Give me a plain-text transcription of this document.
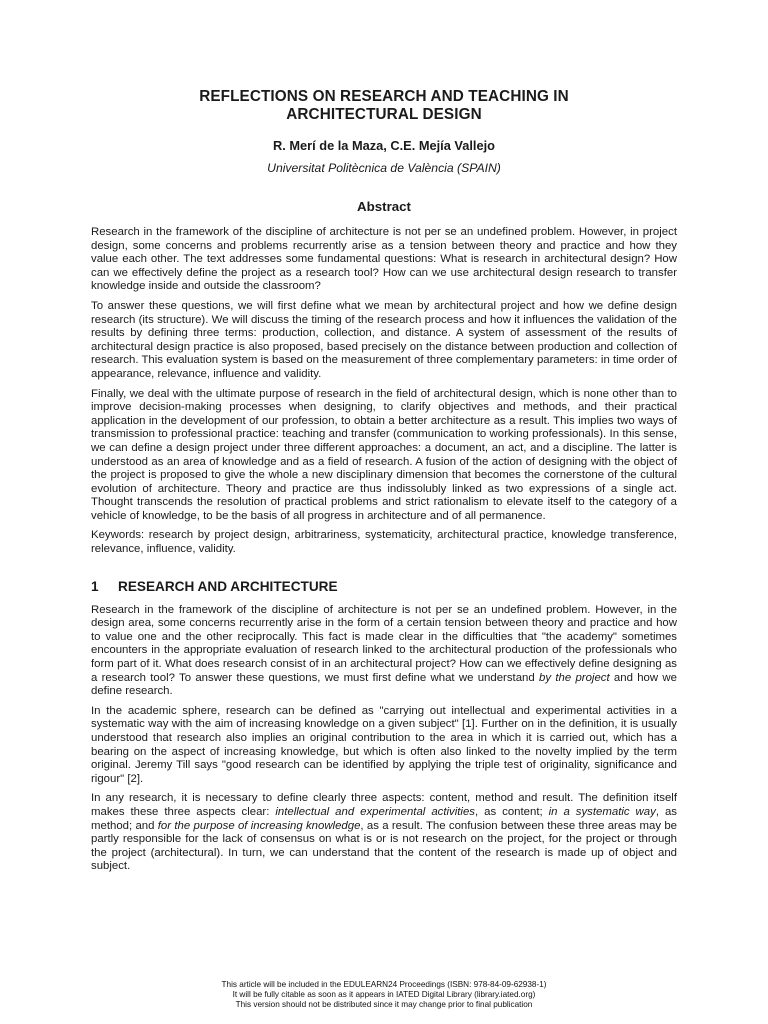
REFLECTIONS ON RESEARCH AND TEACHING IN
ARCHITECTURAL DESIGN
R. Merí de la Maza, C.E. Mejía Vallejo
Universitat Politècnica de València (SPAIN)
Abstract

Research in the framework of the discipline of architecture is not per se an undefined problem. However, in project design, some concerns and problems recurrently arise as a tension between theory and practice and how they value each other. The text addresses some fundamental questions: What is research in architectural design? How can we effectively define the project as a research tool? How can we use architectural design research to transfer knowledge inside and outside the classroom?

To answer these questions, we will first define what we mean by architectural project and how we define design research (its structure). We will discuss the timing of the research process and how it influences the validation of the results by defining three terms: production, collection, and distance. A system of assessment of the results of architectural design practice is also proposed, based precisely on the distance between production and collection of research. This evaluation system is based on the measurement of three complementary parameters: in time order of appearance, relevance, influence and validity.

Finally, we deal with the ultimate purpose of research in the field of architectural design, which is none other than to improve decision-making processes when designing, to clarify objectives and methods, and their practical application in the development of our profession, to obtain a better architecture as a result. This implies two ways of transmission to professional practice: teaching and transfer (communication to working professionals). In this sense, we can define a design project under three different approaches: a document, an act, and a discipline. The latter is understood as an area of knowledge and as a field of research. A fusion of the action of designing with the object of the project is proposed to give the whole a new disciplinary dimension that becomes the cornerstone of the cultural evolution of architecture. Theory and practice are thus indissolubly linked as two expressions of a single act. Thought transcends the resolution of practical problems and strict rationalism to elevate itself to the category of a vehicle of knowledge, to be the basis of all progress in architecture and of all permanence.

Keywords: research by project design, arbitrariness, systematicity, architectural practice, knowledge transference, relevance, influence, validity.

1	RESEARCH AND ARCHITECTURE

Research in the framework of the discipline of architecture is not per se an undefined problem. However, in the design area, some concerns recurrently arise in the form of a certain tension between theory and practice and how to value one and the other reciprocally. This fact is made clear in the difficulties that "the academy" sometimes encounters in the appropriate evaluation of research linked to the architectural production of the professionals who form part of it. What does research consist of in an architectural project? How can we effectively define designing as a research tool? To answer these questions, we must first define what we understand by the project and how we define research.

In the academic sphere, research can be defined as "carrying out intellectual and experimental activities in a systematic way with the aim of increasing knowledge on a given subject" [1]. Further on in the definition, it is usually understood that research also implies an original contribution to the area in which it is carried out, which has a bearing on the aspect of increasing knowledge, but which is often also linked to the novelty implied by the term original. Jeremy Till says "good research can be identified by applying the triple test of originality, significance and rigour" [2].

In any research, it is necessary to define clearly three aspects: content, method and result. The definition itself makes these three aspects clear: intellectual and experimental activities, as content; in a systematic way, as method; and for the purpose of increasing knowledge, as a result. The confusion between these three areas may be partly responsible for the lack of consensus on what is or is not research on the project, for the project or through the project (architectural). In turn, we can understand that the content of the research is made up of object and subject.

This article will be included in the EDULEARN24 Proceedings (ISBN: 978-84-09-62938-1)
It will be fully citable as soon as it appears in IATED Digital Library (library.iated.org)
This version should not be distributed since it may change prior to final publication
